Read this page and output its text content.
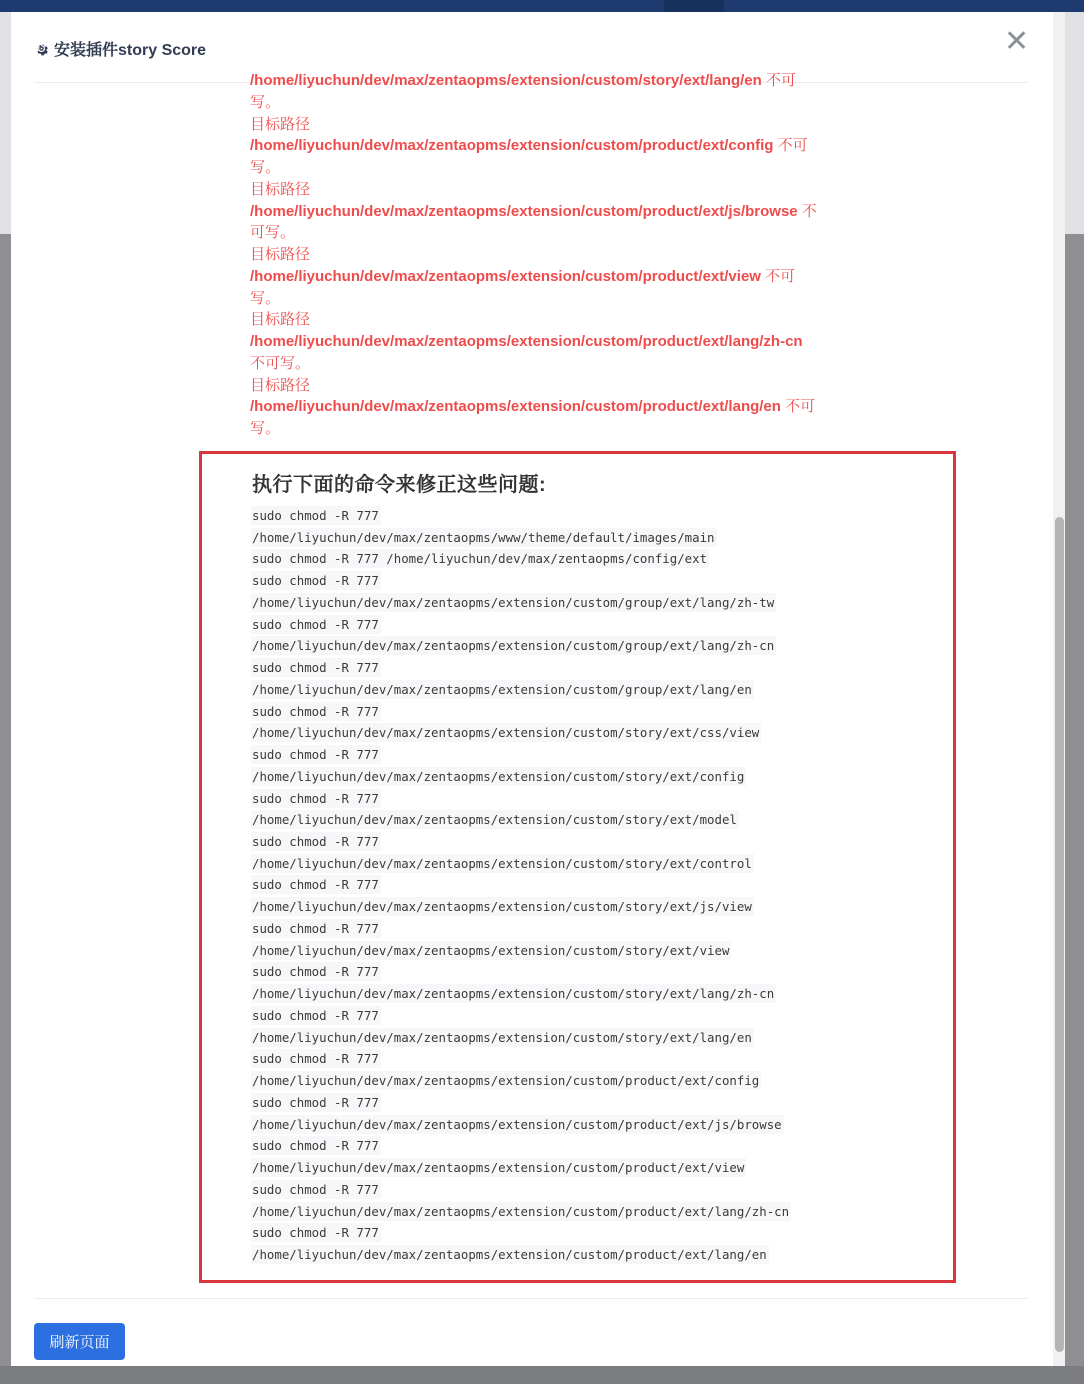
安装插件story Score	✕
/home/liyuchun/dev/max/zentaopms/extension/custom/story/ext/lang/en 不可写。
目标路径
/home/liyuchun/dev/max/zentaopms/extension/custom/product/ext/config 不可写。
目标路径
/home/liyuchun/dev/max/zentaopms/extension/custom/product/ext/js/browse 不可写。
目标路径
/home/liyuchun/dev/max/zentaopms/extension/custom/product/ext/view 不可写。
目标路径
/home/liyuchun/dev/max/zentaopms/extension/custom/product/ext/lang/zh-cn 不可写。
目标路径
/home/liyuchun/dev/max/zentaopms/extension/custom/product/ext/lang/en 不可写。
执行下面的命令来修正这些问题:
sudo chmod -R 777
/home/liyuchun/dev/max/zentaopms/www/theme/default/images/main
sudo chmod -R 777 /home/liyuchun/dev/max/zentaopms/config/ext
sudo chmod -R 777
/home/liyuchun/dev/max/zentaopms/extension/custom/group/ext/lang/zh-tw
sudo chmod -R 777
/home/liyuchun/dev/max/zentaopms/extension/custom/group/ext/lang/zh-cn
sudo chmod -R 777
/home/liyuchun/dev/max/zentaopms/extension/custom/group/ext/lang/en
sudo chmod -R 777
/home/liyuchun/dev/max/zentaopms/extension/custom/story/ext/css/view
sudo chmod -R 777
/home/liyuchun/dev/max/zentaopms/extension/custom/story/ext/config
sudo chmod -R 777
/home/liyuchun/dev/max/zentaopms/extension/custom/story/ext/model
sudo chmod -R 777
/home/liyuchun/dev/max/zentaopms/extension/custom/story/ext/control
sudo chmod -R 777
/home/liyuchun/dev/max/zentaopms/extension/custom/story/ext/js/view
sudo chmod -R 777
/home/liyuchun/dev/max/zentaopms/extension/custom/story/ext/view
sudo chmod -R 777
/home/liyuchun/dev/max/zentaopms/extension/custom/story/ext/lang/zh-cn
sudo chmod -R 777
/home/liyuchun/dev/max/zentaopms/extension/custom/story/ext/lang/en
sudo chmod -R 777
/home/liyuchun/dev/max/zentaopms/extension/custom/product/ext/config
sudo chmod -R 777
/home/liyuchun/dev/max/zentaopms/extension/custom/product/ext/js/browse
sudo chmod -R 777
/home/liyuchun/dev/max/zentaopms/extension/custom/product/ext/view
sudo chmod -R 777
/home/liyuchun/dev/max/zentaopms/extension/custom/product/ext/lang/zh-cn
sudo chmod -R 777
/home/liyuchun/dev/max/zentaopms/extension/custom/product/ext/lang/en
刷新页面
